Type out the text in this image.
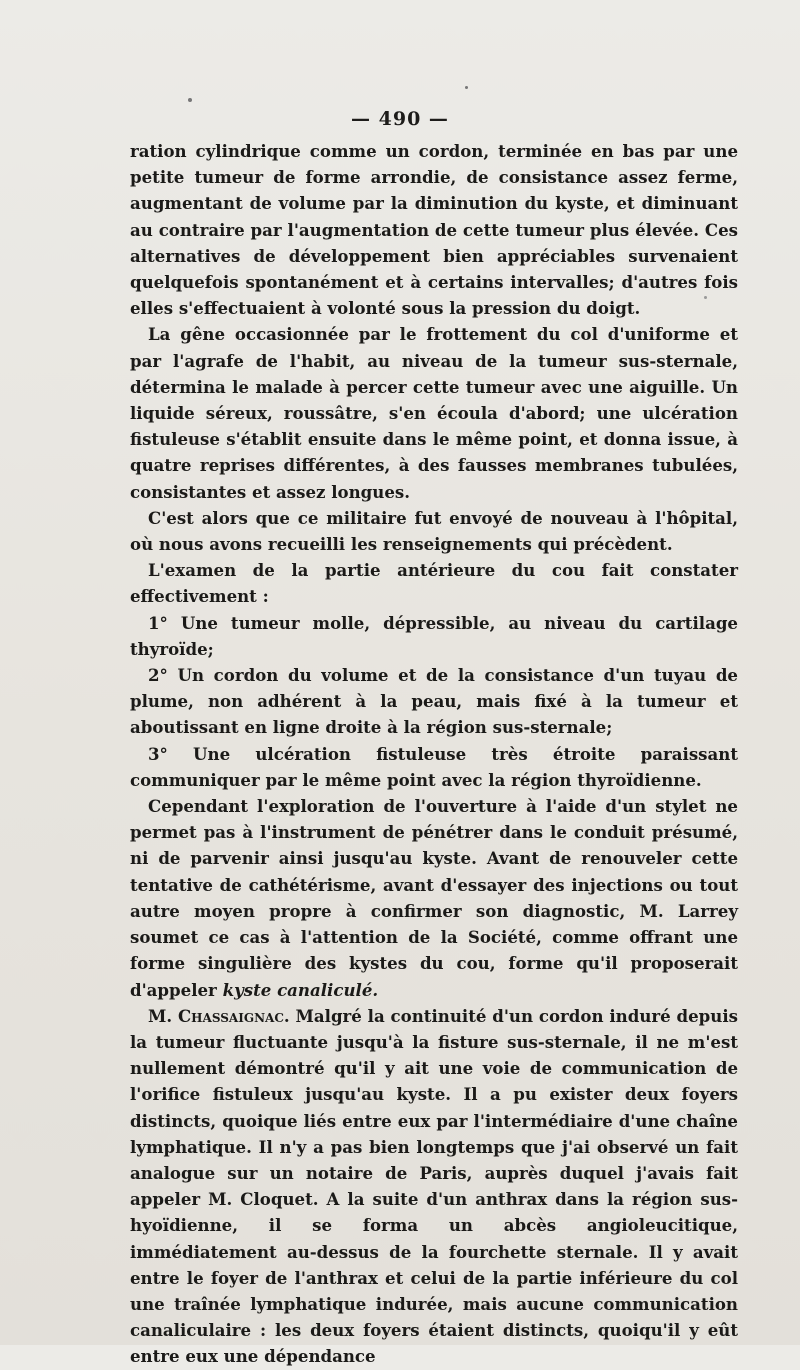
— 490 —

ration cylindrique comme un cordon, terminée en bas par une petite tumeur de forme arrondie, de consistance assez ferme, augmentant de volume par la diminution du kyste, et diminuant au contraire par l'augmentation de cette tumeur plus élevée. Ces alternatives de développement bien appréciables survenaient quelquefois spontanément et à certains intervalles; d'autres fois elles s'effectuaient à volonté sous la pression du doigt.

La gêne occasionnée par le frottement du col d'uniforme et par l'agrafe de l'habit, au niveau de la tumeur sus-sternale, détermina le malade à percer cette tumeur avec une aiguille. Un liquide séreux, roussâtre, s'en écoula d'abord; une ulcération fistuleuse s'établit ensuite dans le même point, et donna issue, à quatre reprises différentes, à des fausses membranes tubulées, consistantes et assez longues.

C'est alors que ce militaire fut envoyé de nouveau à l'hôpital, où nous avons recueilli les renseignements qui précèdent.

L'examen de la partie antérieure du cou fait constater effectivement :

1° Une tumeur molle, dépressible, au niveau du cartilage thyroïde;

2° Un cordon du volume et de la consistance d'un tuyau de plume, non adhérent à la peau, mais fixé à la tumeur et aboutissant en ligne droite à la région sus-sternale;

3° Une ulcération fistuleuse très étroite paraissant communiquer par le même point avec la région thyroïdienne.

Cependant l'exploration de l'ouverture à l'aide d'un stylet ne permet pas à l'instrument de pénétrer dans le conduit présumé, ni de parvenir ainsi jusqu'au kyste. Avant de renouveler cette tentative de cathétérisme, avant d'essayer des injections ou tout autre moyen propre à confirmer son diagnostic, M. Larrey soumet ce cas à l'attention de la Société, comme offrant une forme singulière des kystes du cou, forme qu'il proposerait d'appeler kyste canaliculé.

M. Chassaignac. Malgré la continuité d'un cordon induré depuis la tumeur fluctuante jusqu'à la fisture sus-sternale, il ne m'est nullement démontré qu'il y ait une voie de communication de l'orifice fistuleux jusqu'au kyste. Il a pu exister deux foyers distincts, quoique liés entre eux par l'intermédiaire d'une chaîne lymphatique. Il n'y a pas bien longtemps que j'ai observé un fait analogue sur un notaire de Paris, auprès duquel j'avais fait appeler M. Cloquet. A la suite d'un anthrax dans la région sus-hyoïdienne, il se forma un abcès angioleucitique, immédiatement au-dessus de la fourchette sternale. Il y avait entre le foyer de l'anthrax et celui de la partie inférieure du col une traînée lymphatique indurée, mais aucune communication canaliculaire : les deux foyers étaient distincts, quoiqu'il y eût entre eux une dépendance
